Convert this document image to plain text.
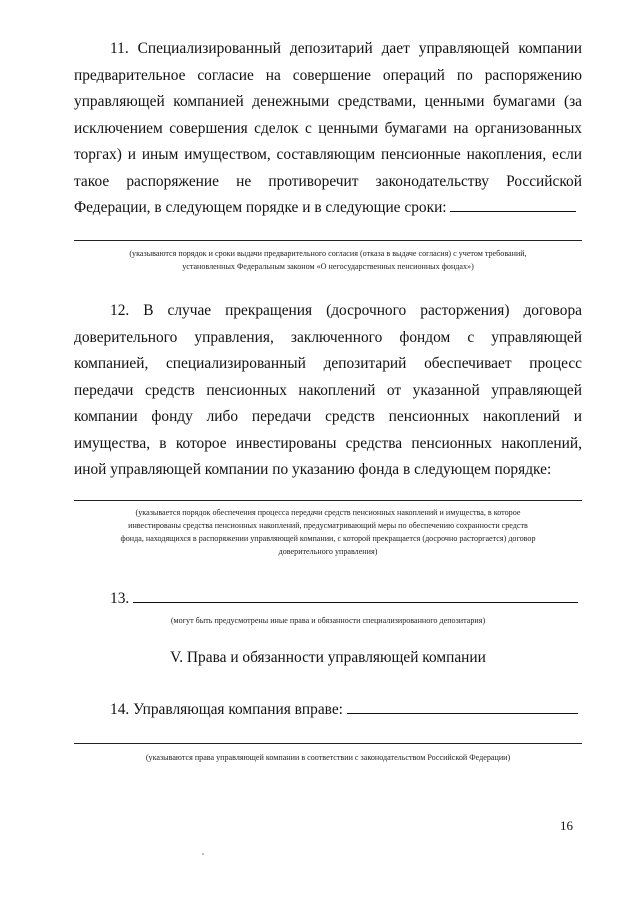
11. Специализированный депозитарий дает управляющей компании предварительное согласие на совершение операций по распоряжению управляющей компанией денежными средствами, ценными бумагами (за исключением совершения сделок с ценными бумагами на организованных торгах) и иным имуществом, составляющим пенсионные накопления, если такое распоряжение не противоречит законодательству Российской Федерации, в следующем порядке и в следующие сроки:
(указываются порядок и сроки выдачи предварительного согласия (отказа в выдаче согласия) с учетом требований,
установленных Федеральным законом «О негосударственных пенсионных фондах»)
12. В случае прекращения (досрочного расторжения) договора доверительного управления, заключенного фондом с управляющей компанией, специализированный депозитарий обеспечивает процесс передачи средств пенсионных накоплений от указанной управляющей компании фонду либо передачи средств пенсионных накоплений и имущества, в которое инвестированы средства пенсионных накоплений, иной управляющей компании по указанию фонда в следующем порядке:
(указывается порядок обеспечения процесса передачи средств пенсионных накоплений и имущества, в которое
инвестированы средства пенсионных накоплений, предусматривающий меры по обеспечению сохранности средств
фонда, находящихся в распоряжении управляющей компании, с которой прекращается (досрочно расторгается) договор
доверительного управления)
13.
(могут быть предусмотрены иные права и обязанности специализированного депозитария)
V. Права и обязанности управляющей компании
14. Управляющая компания вправе:
(указываются права управляющей компании в соответствии с законодательством Российской Федерации)
16
